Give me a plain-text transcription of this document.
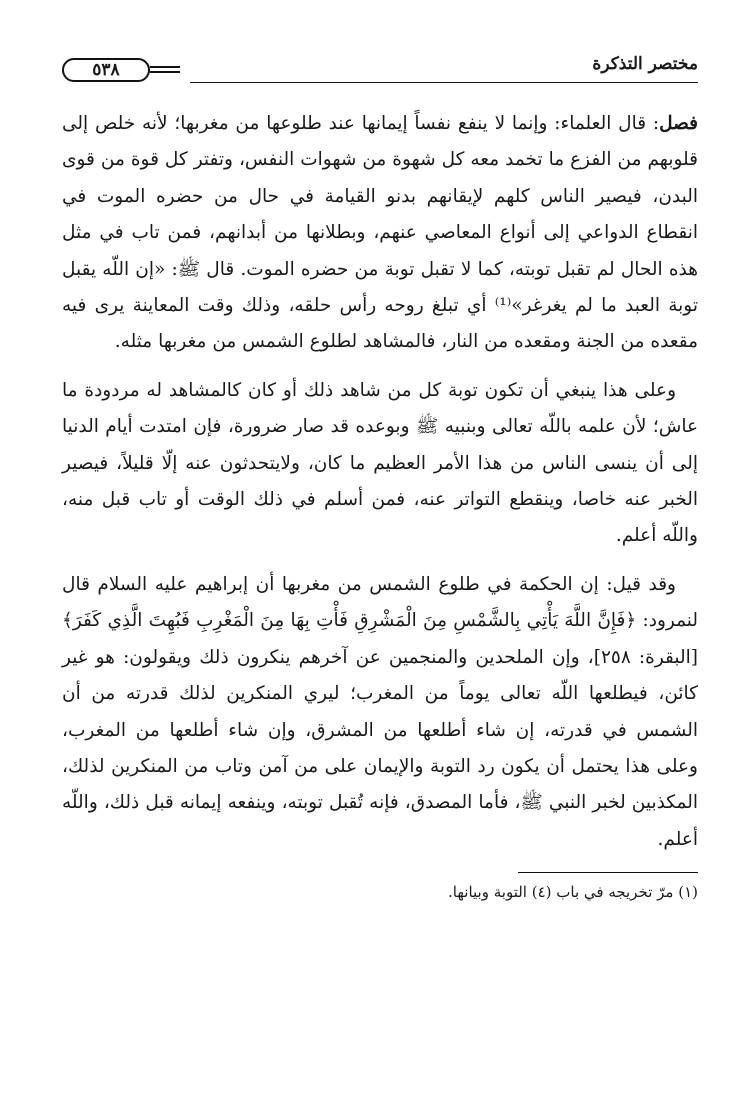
مختصر التذكرة
٥٣٨

فصل: قال العلماء: وإنما لا ينفع نفساً إيمانها عند طلوعها من مغربها؛ لأنه خلص إلى قلوبهم من الفزع ما تخمد معه كل شهوة من شهوات النفس، وتفتر كل قوة من قوى البدن، فيصير الناس كلهم لإيقانهم بدنو القيامة في حال من حضره الموت في انقطاع الدواعي إلى أنواع المعاصي عنهم، وبطلانها من أبدانهم، فمن تاب في مثل هذه الحال لم تقبل توبته، كما لا تقبل توبة من حضره الموت. قال ﷺ: «إن اللّه يقبل توبة العبد ما لم يغرغر»⁽¹⁾ أي تبلغ روحه رأس حلقه، وذلك وقت المعاينة يرى فيه مقعده من الجنة ومقعده من النار، فالمشاهد لطلوع الشمس من مغربها مثله.

وعلى هذا ينبغي أن تكون توبة كل من شاهد ذلك أو كان كالمشاهد له مردودة ما عاش؛ لأن علمه باللّه تعالى وبنبيه ﷺ وبوعده قد صار ضرورة، فإن امتدت أيام الدنيا إلى أن ينسى الناس من هذا الأمر العظيم ما كان، ولايتحدثون عنه إلّا قليلاً، فيصير الخبر عنه خاصا، وينقطع التواتر عنه، فمن أسلم في ذلك الوقت أو تاب قبل منه، واللّه أعلم.

وقد قيل: إن الحكمة في طلوع الشمس من مغربها أن إبراهيم عليه السلام قال لنمرود: ﴿فَإِنَّ اللَّهَ يَأْتِي بِالشَّمْسِ مِنَ الْمَشْرِقِ فَأْتِ بِهَا مِنَ الْمَغْرِبِ فَبُهِتَ الَّذِي كَفَرَ﴾ [البقرة: ٢٥٨]، وإن الملحدين والمنجمين عن آخرهم ينكرون ذلك ويقولون: هو غير كائن، فيطلعها اللّه تعالى يوماً من المغرب؛ ليري المنكرين لذلك قدرته من أن الشمس في قدرته، إن شاء أطلعها من المشرق، وإن شاء أطلعها من المغرب، وعلى هذا يحتمل أن يكون رد التوبة والإيمان على من آمن وتاب من المنكرين لذلك، المكذبين لخبر النبي ﷺ، فأما المصدق، فإنه تُقبل توبته، وينفعه إيمانه قبل ذلك، واللّه أعلم.

(١) مرّ تخريجه في باب (٤) التوبة وبيانها.
